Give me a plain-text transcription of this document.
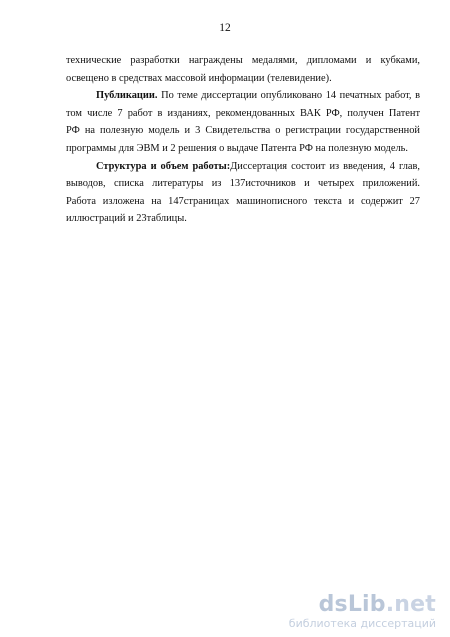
12
технические разработки награждены медалями, дипломами и кубками,
освещено в средствах массовой информации (телевидение).
Публикации. По теме диссертации опубликовано 14 печатных работ, в
том числе 7 работ в изданиях, рекомендованных ВАК РФ, получен Патент
РФ на полезную модель и 3 Свидетельства о регистрации государственной
программы для ЭВМ и 2 решения о выдаче Патента РФ на полезную модель.
Структура и объем работы:Диссертация состоит из введения, 4 глав,
выводов, списка литературы из 137источников и четырех приложений.
Работа изложена на 147страницах машинописного текста и содержит 27
иллюстраций и 23таблицы.
dsLib.net
библиотека диссертаций
